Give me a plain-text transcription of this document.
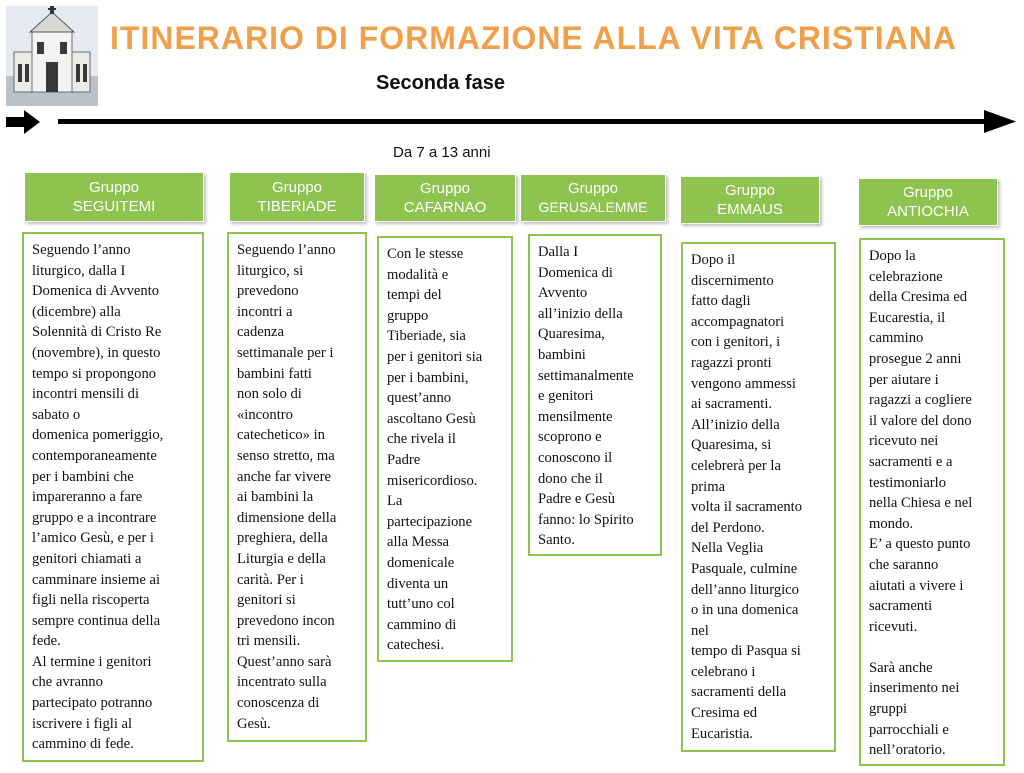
ITINERARIO DI FORMAZIONE ALLA VITA CRISTIANA
Seconda fase
Da 7 a 13 anni
Gruppo
SEGUITEMI
Gruppo
TIBERIADE
Gruppo
CAFARNAO
Gruppo
GERUSALEMME
Gruppo
EMMAUS
Gruppo
ANTIOCHIA
Seguendo l’anno
liturgico, dalla I
Domenica di Avvento
(dicembre) alla
Solennità di Cristo Re
(novembre), in questo
tempo si propongono
incontri mensili di
sabato o
domenica pomeriggio,
contemporaneamente
per i bambini che
impareranno a fare
gruppo e a incontrare
l’amico Gesù, e per i
genitori chiamati a
camminare insieme ai
figli nella riscoperta
sempre continua della
fede.
Al termine i genitori
che avranno
partecipato potranno
iscrivere i figli al
cammino di fede.
Seguendo l’anno
liturgico, si
prevedono
incontri a
cadenza
settimanale per i
bambini fatti
non solo di
«incontro
catechetico» in
senso stretto, ma
anche far vivere
ai bambini la
dimensione della
preghiera, della
Liturgia e della
carità. Per i
genitori si
prevedono incon
tri mensili.
Quest’anno sarà
incentrato sulla
conoscenza di
Gesù.
Con le stesse
modalità e
tempi del
gruppo
Tiberiade, sia
per i genitori sia
per i bambini,
quest’anno
ascoltano Gesù
che rivela il
Padre
misericordioso.
La
partecipazione
alla Messa
domenicale
diventa un
tutt’uno col
cammino di
catechesi.
Dalla I
Domenica di
Avvento
all’inizio della
Quaresima,
bambini
settimanalmente
e genitori
mensilmente
scoprono e
conoscono il
dono che il
Padre e Gesù
fanno: lo Spirito
Santo.
Dopo il
discernimento
fatto dagli
accompagnatori
con i genitori, i
ragazzi pronti
vengono ammessi
ai sacramenti.
All’inizio della
Quaresima, si
celebrerà per la
prima
volta il sacramento
del Perdono.
Nella Veglia
Pasquale, culmine
dell’anno liturgico
o in una domenica
nel
tempo di Pasqua si
celebrano i
sacramenti della
Cresima ed
Eucaristia.
Dopo la
celebrazione
della Cresima ed
Eucarestia, il
cammino
prosegue 2 anni
per aiutare i
ragazzi a cogliere
il valore del dono
ricevuto nei
sacramenti e a
testimoniarlo
nella Chiesa e nel
mondo.
E’ a questo punto
che saranno
aiutati a vivere i
sacramenti
ricevuti.

Sarà anche
inserimento nei
gruppi
parrocchiali e
nell’oratorio.
